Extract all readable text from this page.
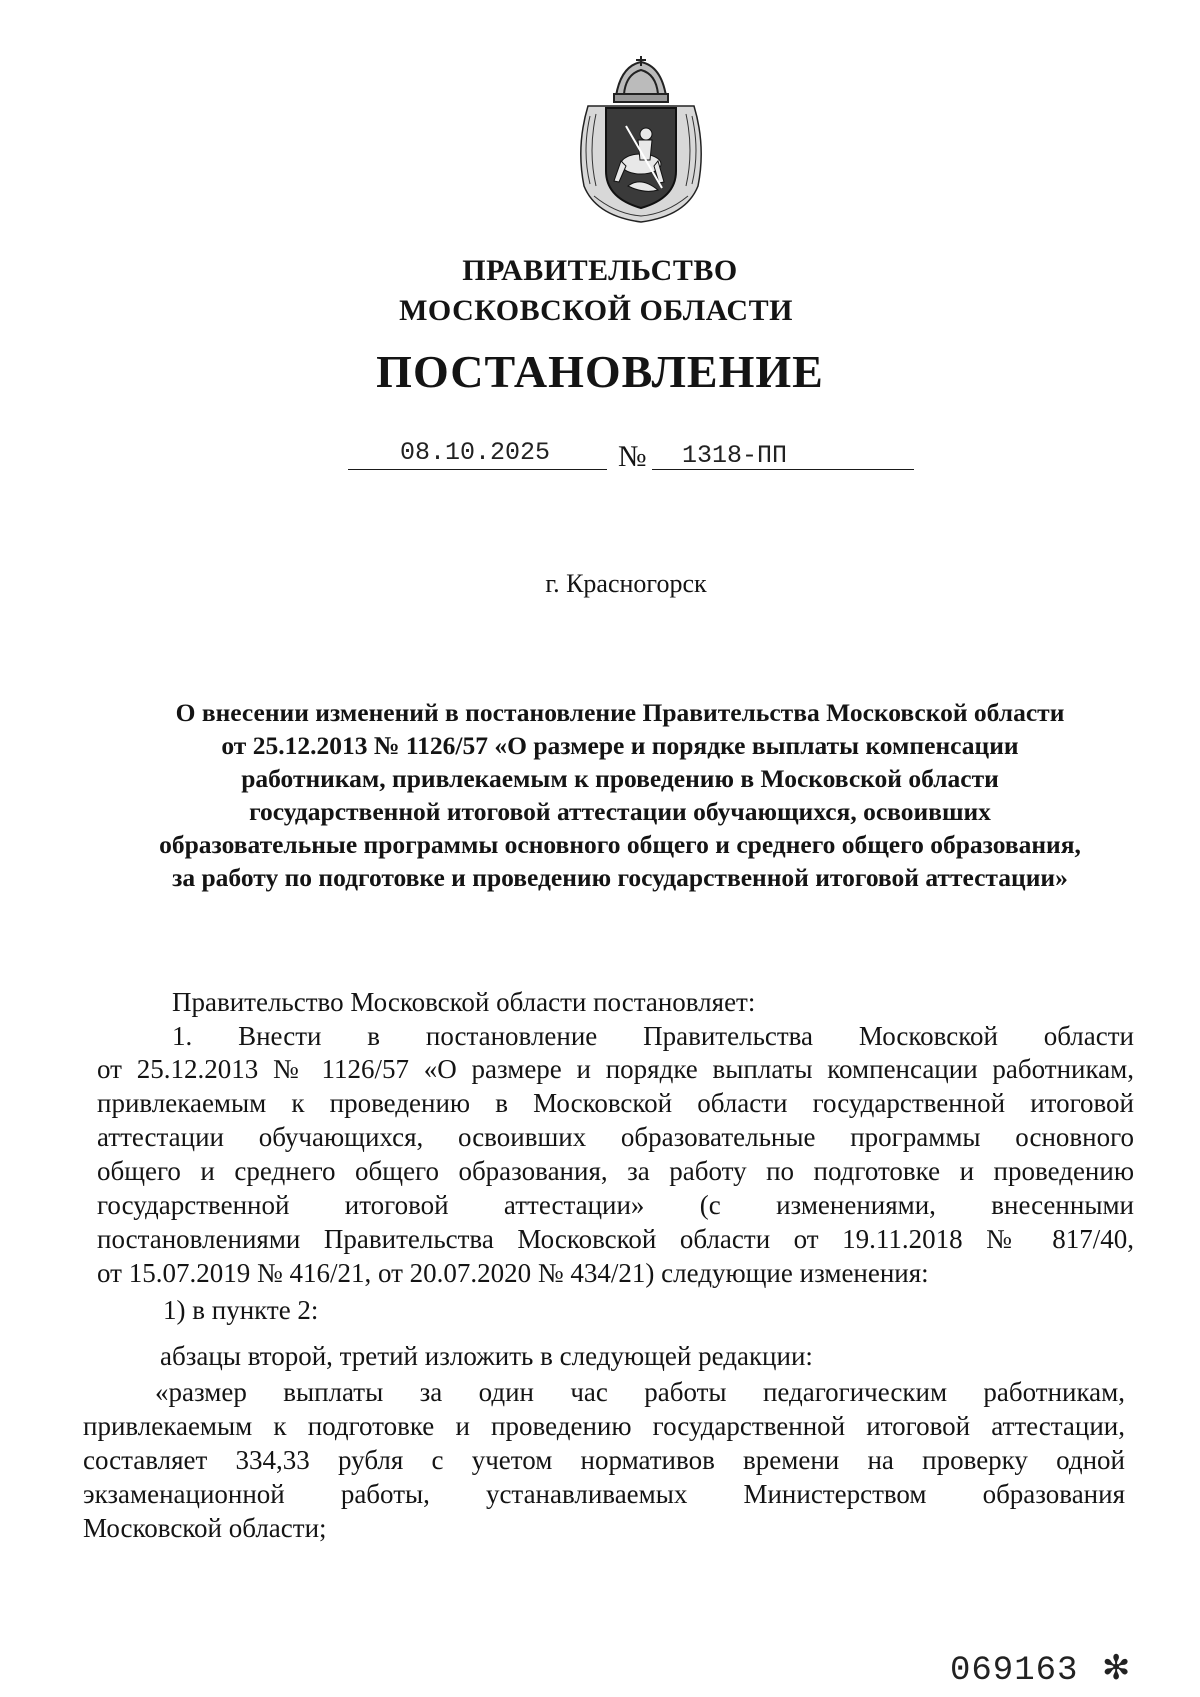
ПРАВИТЕЛЬСТВО
МОСКОВСКОЙ ОБЛАСТИ
ПОСТАНОВЛЕНИЕ
08.10.2025 № 1318-ПП
г. Красногорск
О внесении изменений в постановление Правительства Московской области
от 25.12.2013 № 1126/57 «О размере и порядке выплаты компенсации
работникам, привлекаемым к проведению в Московской области
государственной итоговой аттестации обучающихся, освоивших
образовательные программы основного общего и среднего общего образования,
за работу по подготовке и проведению государственной итоговой аттестации»
Правительство Московской области постановляет:
1. Внести в постановление Правительства Московской области
от 25.12.2013 № 1126/57 «О размере и порядке выплаты компенсации работникам,
привлекаемым к проведению в Московской области государственной итоговой
аттестации обучающихся, освоивших образовательные программы основного
общего и среднего общего образования, за работу по подготовке и проведению
государственной итоговой аттестации» (с изменениями, внесенными
постановлениями Правительства Московской области от 19.11.2018 № 817/40,
от 15.07.2019 № 416/21, от 20.07.2020 № 434/21) следующие изменения:
1) в пункте 2:
абзацы второй, третий изложить в следующей редакции:
«размер выплаты за один час работы педагогическим работникам,
привлекаемым к подготовке и проведению государственной итоговой аттестации,
составляет 334,33 рубля с учетом нормативов времени на проверку одной
экзаменационной работы, устанавливаемых Министерством образования
Московской области;
069163 ✻
